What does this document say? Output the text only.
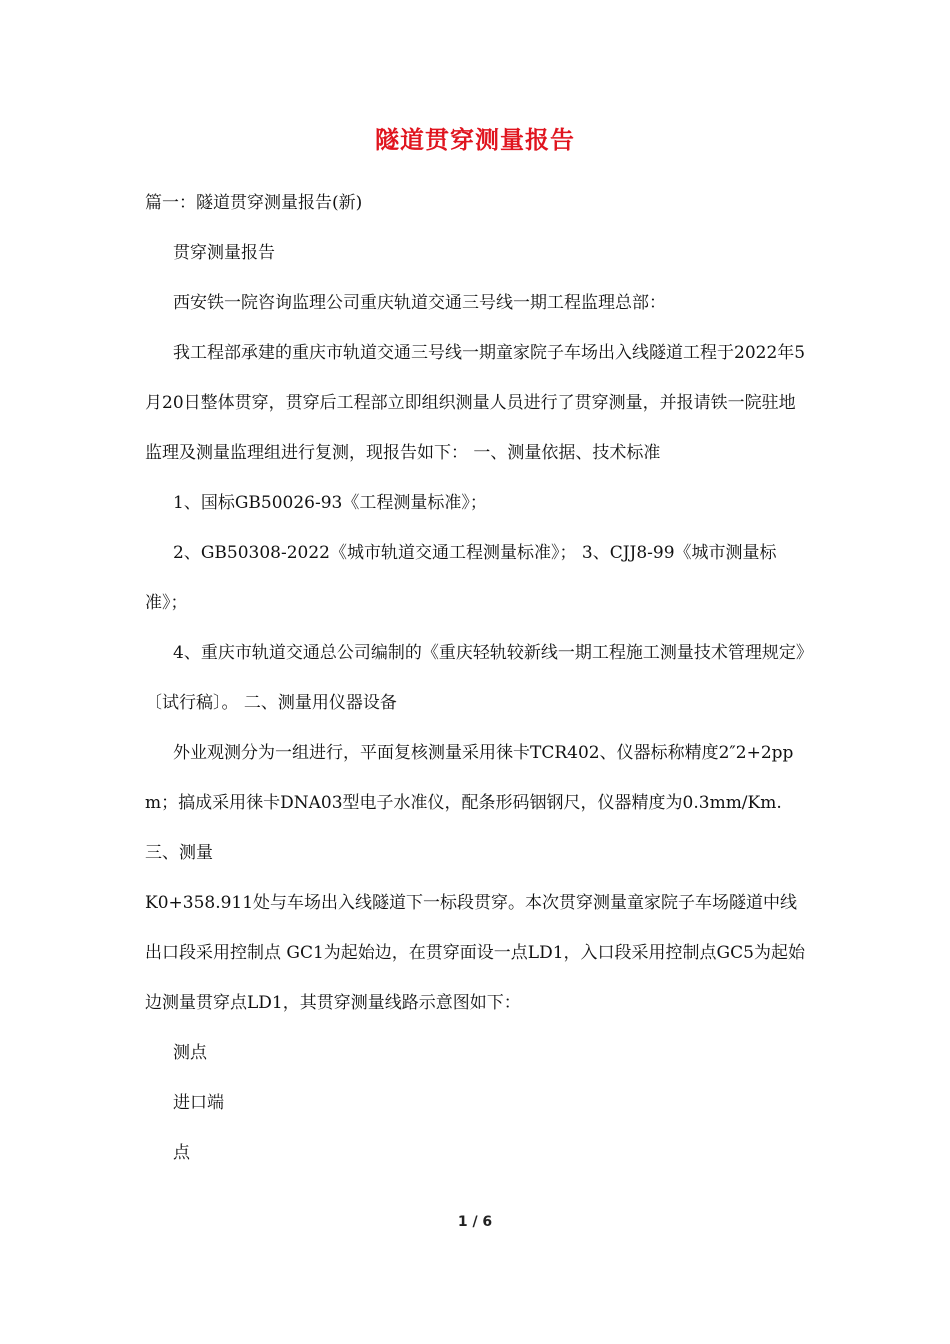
隧道贯穿测量报告

篇一：隧道贯穿测量报告(新)

贯穿测量报告

西安铁一院咨询监理公司重庆轨道交通三号线一期工程监理总部：

我工程部承建的重庆市轨道交通三号线一期童家院子车场出入线隧道工程于2022年5月20日整体贯穿，贯穿后工程部立即组织测量人员进行了贯穿测量，并报请铁一院驻地监理及测量监理组进行复测，现报告如下： 一、测量依据、技术标准

1、国标GB50026-93《工程测量标准》；

2、GB50308-2022《城市轨道交通工程测量标准》； 3、CJJ8-99《城市测量标准》；

4、重庆市轨道交通总公司编制的《重庆轻轨较新线一期工程施工测量技术管理规定》〔试行稿〕。 二、测量用仪器设备

外业观测分为一组进行，平面复核测量采用徕卡TCR402、仪器标称精度2″2+2ppm；搞成采用徕卡DNA03型电子水准仪，配条形码铟钢尺，仪器精度为0.3mm/Km. 三、测量

K0+358.911处与车场出入线隧道下一标段贯穿。本次贯穿测量童家院子车场隧道中线出口段采用控制点 GC1为起始边，在贯穿面设一点LD1，入口段采用控制点GC5为起始边测量贯穿点LD1，其贯穿测量线路示意图如下：

测点

进口端

点

1 / 6
